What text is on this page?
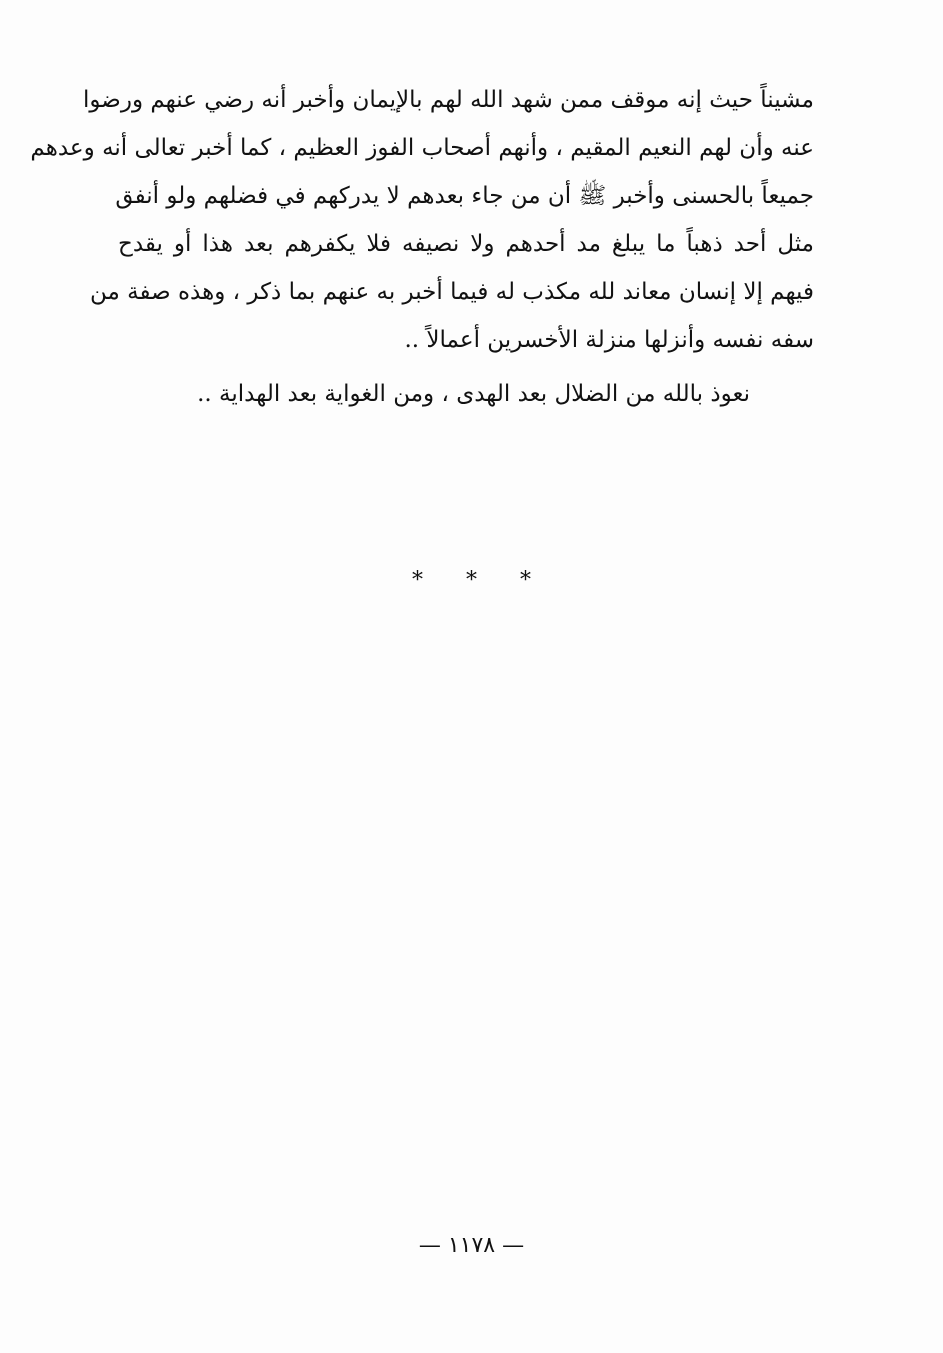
مشيناً حيث إنه موقف ممن شهد الله لهم بالإيمان وأخبر أنه رضي عنهم ورضوا
عنه وأن لهم النعيم المقيم ، وأنهم أصحاب الفوز العظيم ، كما أخبر تعالى أنه وعدهم
جميعاً بالحسنى وأخبر ﷺ أن من جاء بعدهم لا يدركهم في فضلهم ولو أنفق
مثل أحد ذهباً ما يبلغ مد أحدهم ولا نصيفه فلا يكفرهم بعد هذا أو يقدح
فيهم إلا إنسان معاند لله مكذب له فيما أخبر به عنهم بما ذكر ، وهذه صفة من
سفه نفسه وأنزلها منزلة الأخسرين أعمالاً ..
نعوذ بالله من الضلال بعد الهدى ، ومن الغواية بعد الهداية ..
* * *
— ١١٧٨ —
